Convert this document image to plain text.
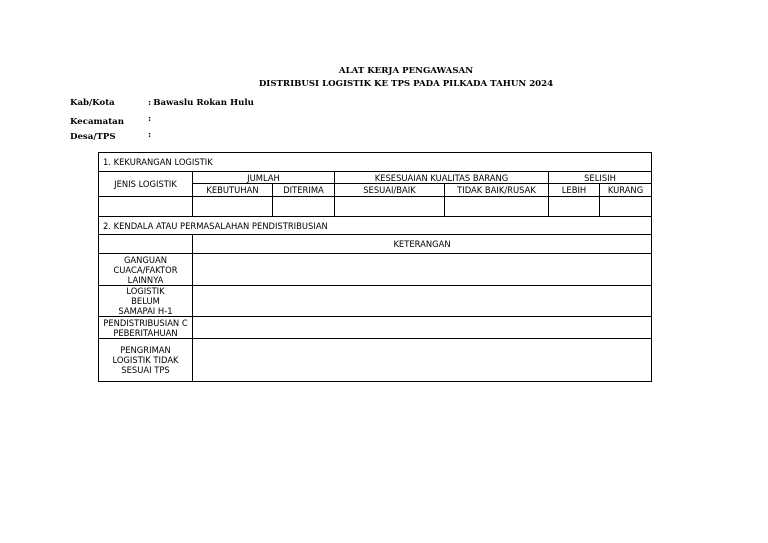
ALAT KERJA PENGAWASAN
DISTRIBUSI LOGISTIK KE TPS PADA PILKADA TAHUN 2024
Kab/Kota	: Bawaslu Rokan Hulu
Kecamatan	:
Desa/TPS	:
1. KEKURANGAN LOGISTIK						
JENIS LOGISTIK	JUMLAH		KESESUAIAN KUALITAS BARANG		SELISIH	
	KEBUTUHAN	DITERIMA	SESUAI/BAIK	TIDAK BAIK/RUSAK	LEBIH	KURANG

2. KENDALA ATAU PERMASALAHAN PENDISTRIBUSIAN						
	KETERANGAN					
GANGUAN CUACA/FAKTOR LAINNYA						
LOGISTIK BELUM SAMAPAI H-1						
PENDISTRIBUSIAN C PEBERITAHUAN						
PENGRIMAN LOGISTIK TIDAK SESUAI TPS						
